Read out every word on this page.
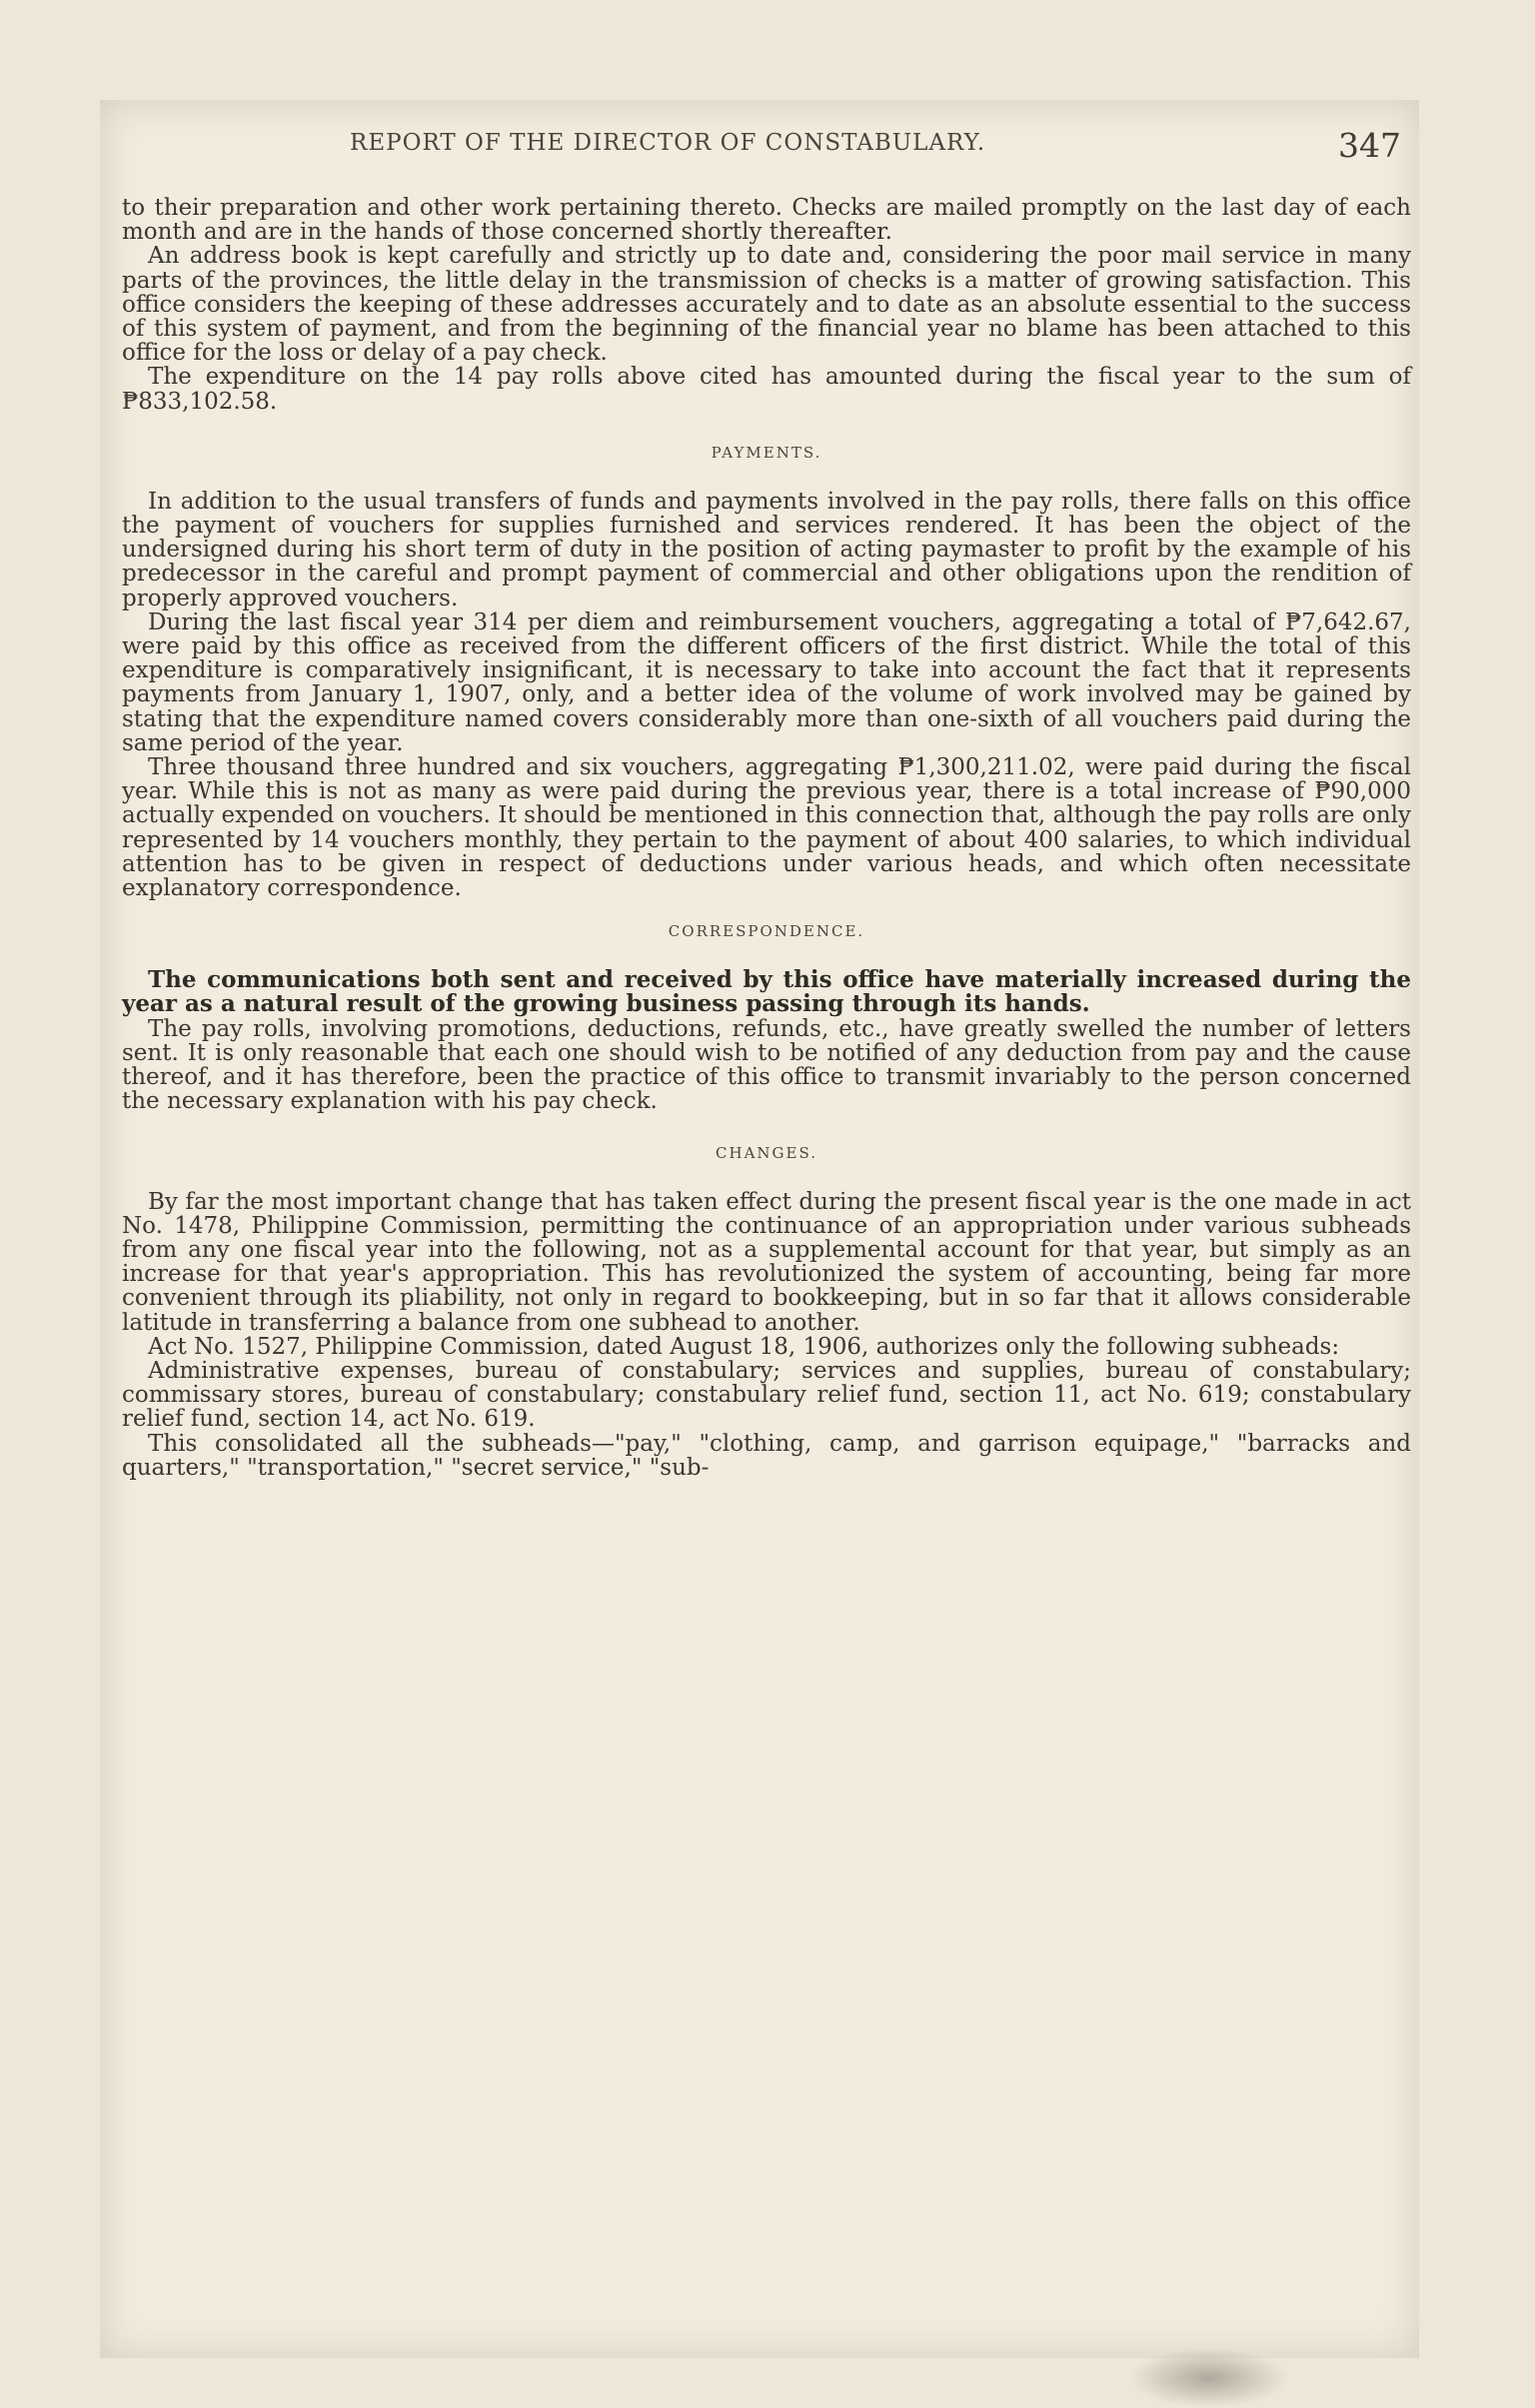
REPORT OF THE DIRECTOR OF CONSTABULARY.	347

to their preparation and other work pertaining thereto. Checks are mailed promptly on the last day of each month and are in the hands of those concerned shortly thereafter.

An address book is kept carefully and strictly up to date and, considering the poor mail service in many parts of the provinces, the little delay in the transmission of checks is a matter of growing satisfaction. This office considers the keeping of these addresses accurately and to date as an absolute essential to the success of this system of payment, and from the beginning of the financial year no blame has been attached to this office for the loss or delay of a pay check.

The expenditure on the 14 pay rolls above cited has amounted during the fiscal year to the sum of ₱833,102.58.

PAYMENTS.

In addition to the usual transfers of funds and payments involved in the pay rolls, there falls on this office the payment of vouchers for supplies furnished and services rendered. It has been the object of the undersigned during his short term of duty in the position of acting paymaster to profit by the example of his predecessor in the careful and prompt payment of commercial and other obligations upon the rendition of properly approved vouchers.

During the last fiscal year 314 per diem and reimbursement vouchers, aggregating a total of ₱7,642.67, were paid by this office as received from the different officers of the first district. While the total of this expenditure is comparatively insignificant, it is necessary to take into account the fact that it represents payments from January 1, 1907, only, and a better idea of the volume of work involved may be gained by stating that the expenditure named covers considerably more than one-sixth of all vouchers paid during the same period of the year.

Three thousand three hundred and six vouchers, aggregating ₱1,300,211.02, were paid during the fiscal year. While this is not as many as were paid during the previous year, there is a total increase of ₱90,000 actually expended on vouchers. It should be mentioned in this connection that, although the pay rolls are only represented by 14 vouchers monthly, they pertain to the payment of about 400 salaries, to which individual attention has to be given in respect of deductions under various heads, and which often necessitate explanatory correspondence.

CORRESPONDENCE.

The communications both sent and received by this office have materially increased during the year as a natural result of the growing business passing through its hands.

The pay rolls, involving promotions, deductions, refunds, etc., have greatly swelled the number of letters sent. It is only reasonable that each one should wish to be notified of any deduction from pay and the cause thereof, and it has therefore, been the practice of this office to transmit invariably to the person concerned the necessary explanation with his pay check.

CHANGES.

By far the most important change that has taken effect during the present fiscal year is the one made in act No. 1478, Philippine Commission, permitting the continuance of an appropriation under various subheads from any one fiscal year into the following, not as a supplemental account for that year, but simply as an increase for that year's appropriation. This has revolutionized the system of accounting, being far more convenient through its pliability, not only in regard to bookkeeping, but in so far that it allows considerable latitude in transferring a balance from one subhead to another.

Act No. 1527, Philippine Commission, dated August 18, 1906, authorizes only the following subheads:

Administrative expenses, bureau of constabulary; services and supplies, bureau of constabulary; commissary stores, bureau of constabulary; constabulary relief fund, section 11, act No. 619; constabulary relief fund, section 14, act No. 619.

This consolidated all the subheads—"pay," "clothing, camp, and garrison equipage," "barracks and quarters," "transportation," "secret service," "sub-
